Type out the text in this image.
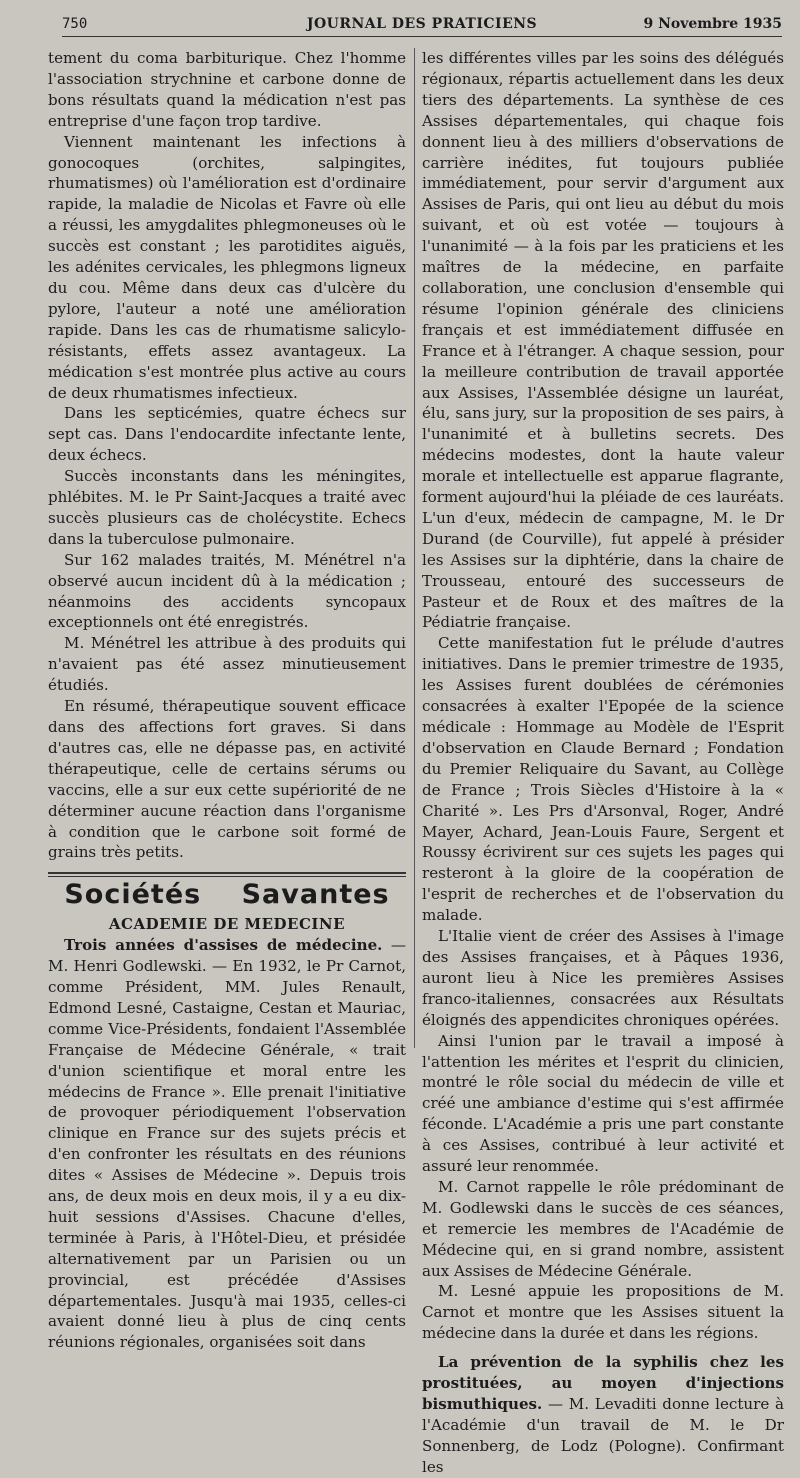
750	JOURNAL DES PRATICIENS	9 Novembre 1935

tement du coma barbiturique. Chez l'homme l'association strychnine et carbone donne de bons résultats quand la médication n'est pas entreprise d'une façon trop tardive.

Viennent maintenant les infections à gonocoques (orchites, salpingites, rhumatismes) où l'amélioration est d'ordinaire rapide, la maladie de Nicolas et Favre où elle a réussi, les amygdalites phlegmoneuses où le succès est constant ; les parotidites aiguës, les adénites cervicales, les phlegmons ligneux du cou. Même dans deux cas d'ulcère du pylore, l'auteur a noté une amélioration rapide. Dans les cas de rhumatisme salicylo-résistants, effets assez avantageux. La médication s'est montrée plus active au cours de deux rhumatismes infectieux.

Dans les septicémies, quatre échecs sur sept cas. Dans l'endocardite infectante lente, deux échecs.

Succès inconstants dans les méningites, phlébites. M. le Pr Saint-Jacques a traité avec succès plusieurs cas de cholécystite. Echecs dans la tuberculose pulmonaire.

Sur 162 malades traités, M. Ménétrel n'a observé aucun incident dû à la médication ; néanmoins des accidents syncopaux exceptionnels ont été enregistrés.

M. Ménétrel les attribue à des produits qui n'avaient pas été assez minutieusement étudiés.

En résumé, thérapeutique souvent efficace dans des affections fort graves. Si dans d'autres cas, elle ne dépasse pas, en activité thérapeutique, celle de certains sérums ou vaccins, elle a sur eux cette supériorité de ne déterminer aucune réaction dans l'organisme à condition que le carbone soit formé de grains très petits.

Sociétés Savantes
ACADEMIE DE MEDECINE

Trois années d'assises de médecine. — M. Henri Godlewski. — En 1932, le Pr Carnot, comme Président, MM. Jules Renault, Edmond Lesné, Castaigne, Cestan et Mauriac, comme Vice-Présidents, fondaient l'Assemblée Française de Médecine Générale, « trait d'union scientifique et moral entre les médecins de France ». Elle prenait l'initiative de provoquer périodiquement l'observation clinique en France sur des sujets précis et d'en confronter les résultats en des réunions dites « Assises de Médecine ». Depuis trois ans, de deux mois en deux mois, il y a eu dix-huit sessions d'Assises. Chacune d'elles, terminée à Paris, à l'Hôtel-Dieu, et présidée alternativement par un Parisien ou un provincial, est précédée d'Assises départementales. Jusqu'à mai 1935, celles-ci avaient donné lieu à plus de cinq cents réunions régionales, organisées soit dans

les différentes villes par les soins des délégués régionaux, répartis actuellement dans les deux tiers des départements. La synthèse de ces Assises départementales, qui chaque fois donnent lieu à des milliers d'observations de carrière inédites, fut toujours publiée immédiatement, pour servir d'argument aux Assises de Paris, qui ont lieu au début du mois suivant, et où est votée — toujours à l'unanimité — à la fois par les praticiens et les maîtres de la médecine, en parfaite collaboration, une conclusion d'ensemble qui résume l'opinion générale des cliniciens français et est immédiatement diffusée en France et à l'étranger. A chaque session, pour la meilleure contribution de travail apportée aux Assises, l'Assemblée désigne un lauréat, élu, sans jury, sur la proposition de ses pairs, à l'unanimité et à bulletins secrets. Des médecins modestes, dont la haute valeur morale et intellectuelle est apparue flagrante, forment aujourd'hui la pléiade de ces lauréats. L'un d'eux, médecin de campagne, M. le Dr Durand (de Courville), fut appelé à présider les Assises sur la diphtérie, dans la chaire de Trousseau, entouré des successeurs de Pasteur et de Roux et des maîtres de la Pédiatrie française.

Cette manifestation fut le prélude d'autres initiatives. Dans le premier trimestre de 1935, les Assises furent doublées de cérémonies consacrées à exalter l'Epopée de la science médicale : Hommage au Modèle de l'Esprit d'observation en Claude Bernard ; Fondation du Premier Reliquaire du Savant, au Collège de France ; Trois Siècles d'Histoire à la « Charité ». Les Prs d'Arsonval, Roger, André Mayer, Achard, Jean-Louis Faure, Sergent et Roussy écrivirent sur ces sujets les pages qui resteront à la gloire de la coopération de l'esprit de recherches et de l'observation du malade.

L'Italie vient de créer des Assises à l'image des Assises françaises, et à Pâques 1936, auront lieu à Nice les premières Assises franco-italiennes, consacrées aux Résultats éloignés des appendicites chroniques opérées.

Ainsi l'union par le travail a imposé à l'attention les mérites et l'esprit du clinicien, montré le rôle social du médecin de ville et créé une ambiance d'estime qui s'est affirmée féconde. L'Académie a pris une part constante à ces Assises, contribué à leur activité et assuré leur renommée.

M. Carnot rappelle le rôle prédominant de M. Godlewski dans le succès de ces séances, et remercie les membres de l'Académie de Médecine qui, en si grand nombre, assistent aux Assises de Médecine Générale.

M. Lesné appuie les propositions de M. Carnot et montre que les Assises situent la médecine dans la durée et dans les régions.

La prévention de la syphilis chez les prostituées, au moyen d'injections bismuthiques. — M. Levaditi donne lecture à l'Académie d'un travail de M. le Dr Sonnenberg, de Lodz (Pologne). Confirmant les
